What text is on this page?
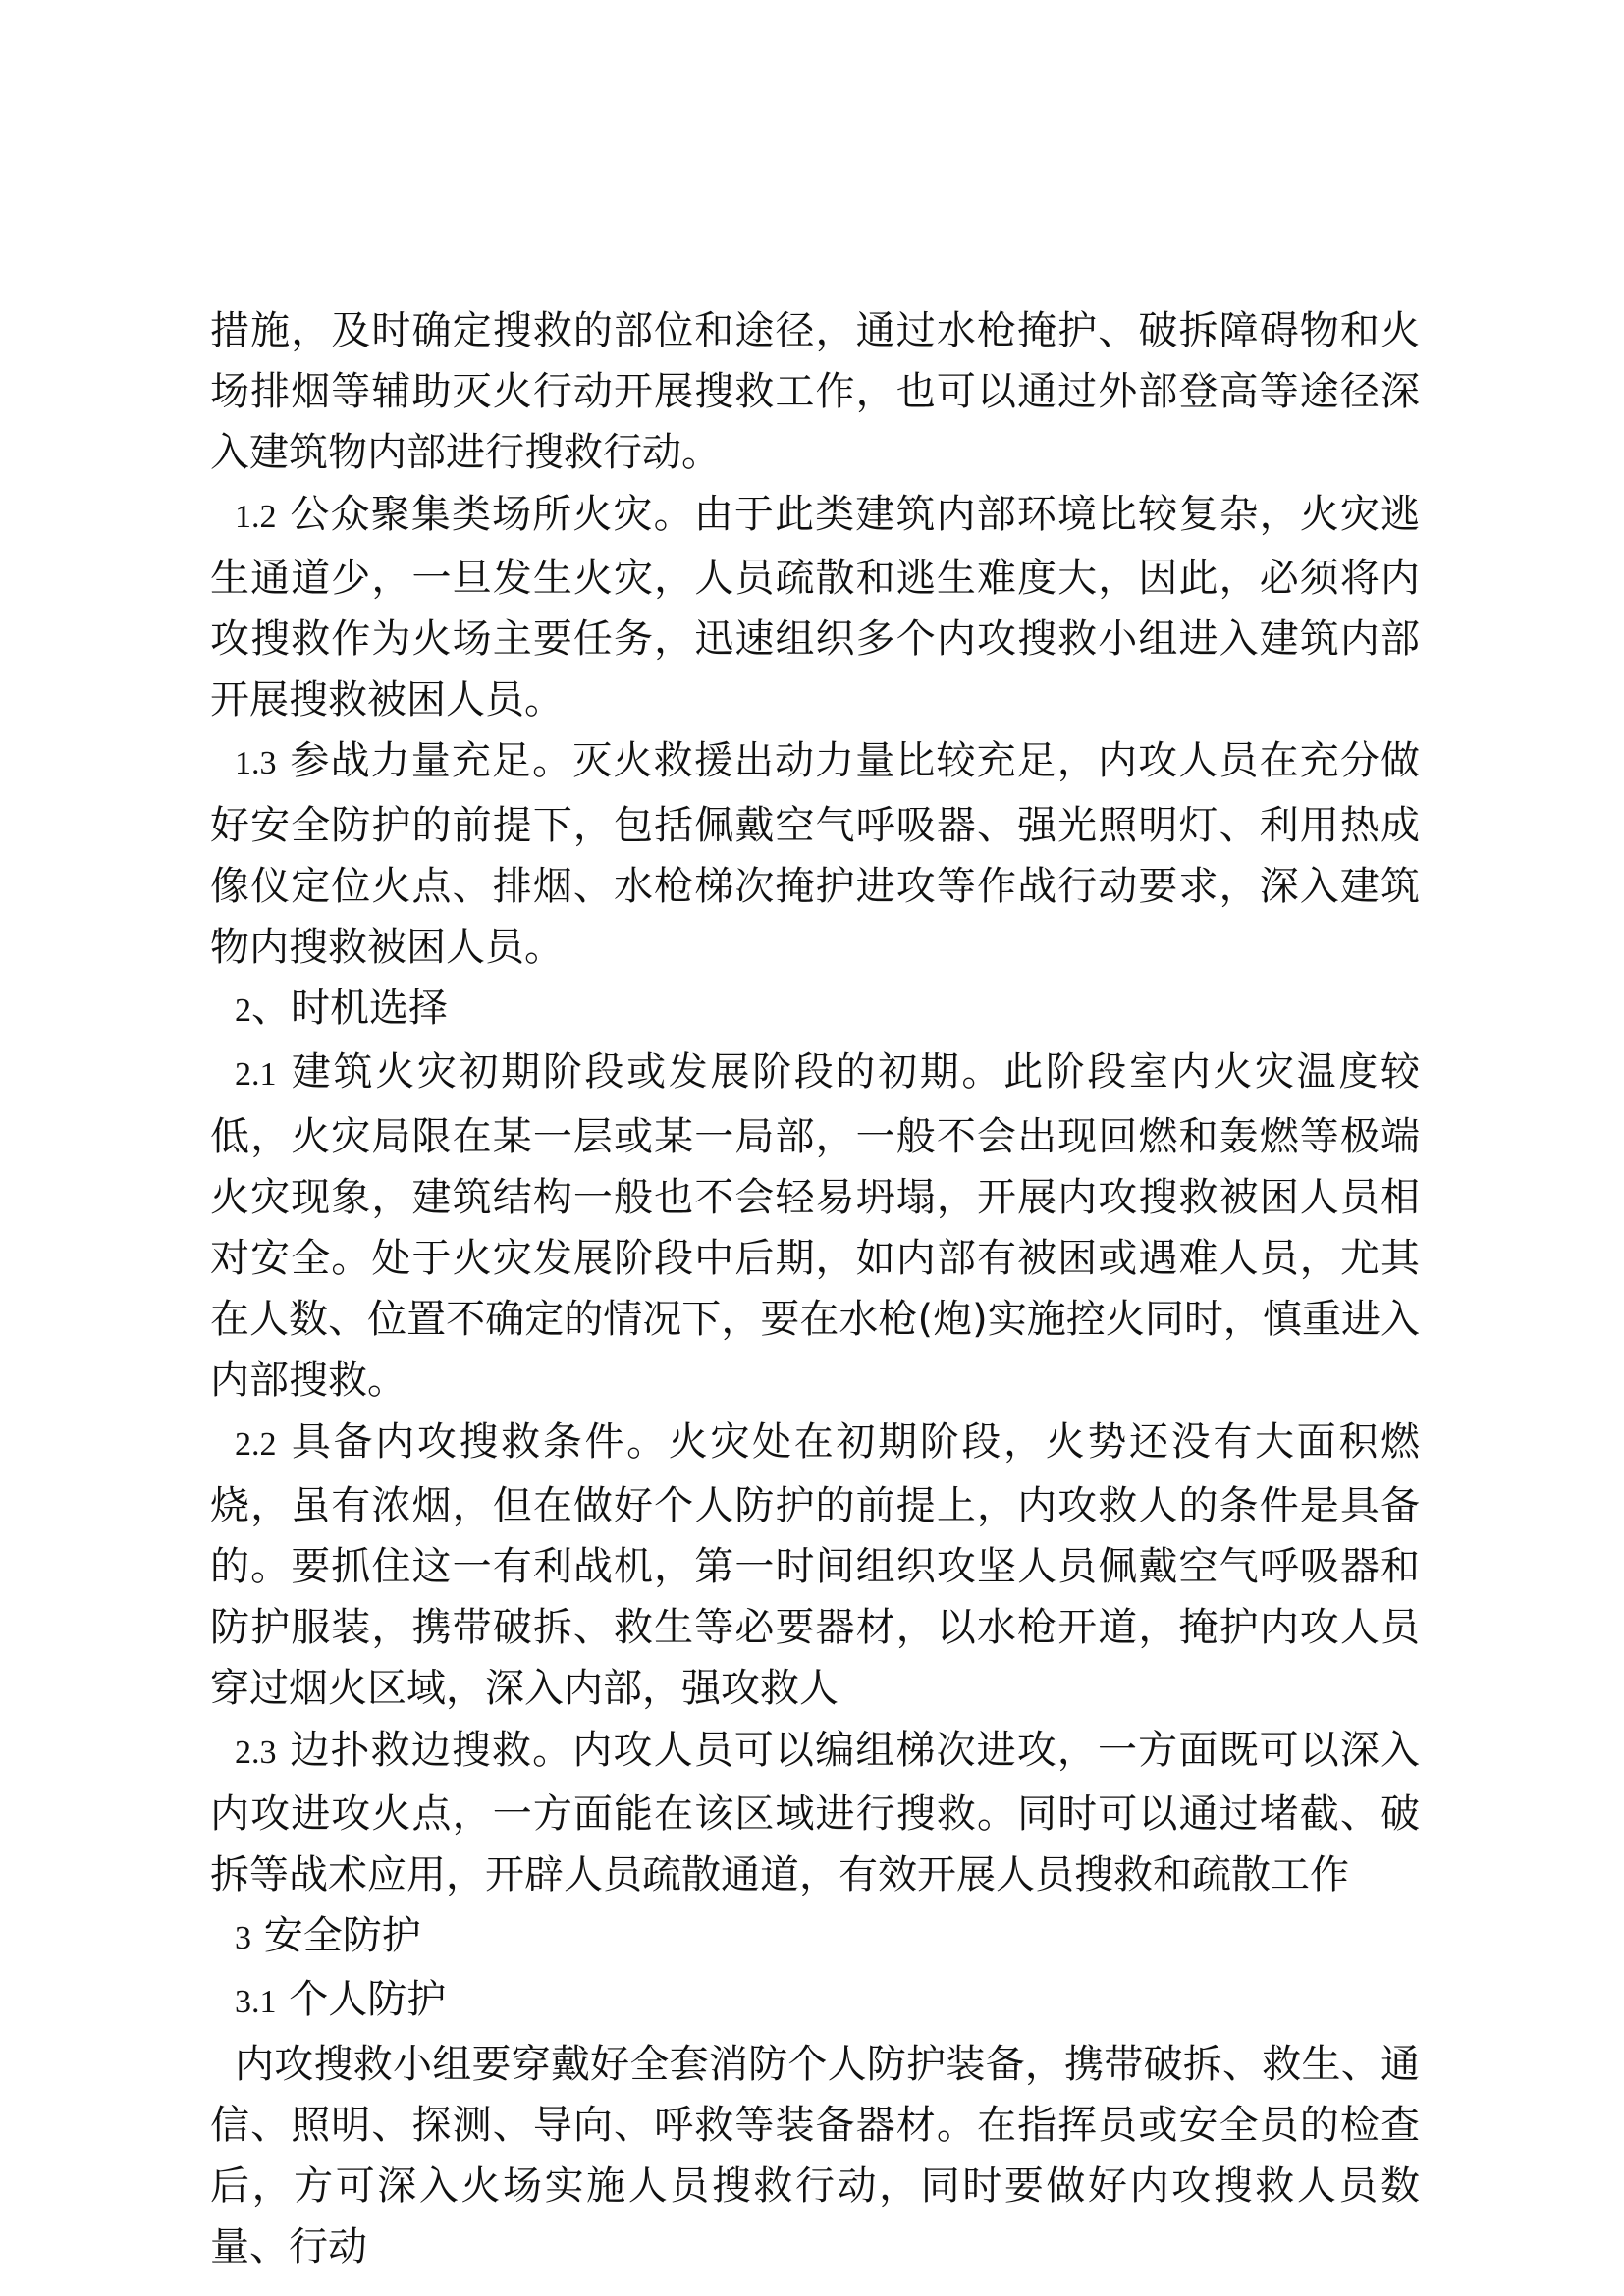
措施，及时确定搜救的部位和途径，通过水枪掩护、破拆障碍物和火场排烟等辅助灭火行动开展搜救工作，也可以通过外部登高等途径深入建筑物内部进行搜救行动。

1.2 公众聚集类场所火灾。由于此类建筑内部环境比较复杂，火灾逃生通道少，一旦发生火灾，人员疏散和逃生难度大，因此，必须将内攻搜救作为火场主要任务，迅速组织多个内攻搜救小组进入建筑内部开展搜救被困人员。

1.3 参战力量充足。灭火救援出动力量比较充足，内攻人员在充分做好安全防护的前提下，包括佩戴空气呼吸器、强光照明灯、利用热成像仪定位火点、排烟、水枪梯次掩护进攻等作战行动要求，深入建筑物内搜救被困人员。

2、时机选择

2.1 建筑火灾初期阶段或发展阶段的初期。此阶段室内火灾温度较低，火灾局限在某一层或某一局部，一般不会出现回燃和轰燃等极端火灾现象，建筑结构一般也不会轻易坍塌，开展内攻搜救被困人员相对安全。处于火灾发展阶段中后期，如内部有被困或遇难人员，尤其在人数、位置不确定的情况下，要在水枪(炮)实施控火同时，慎重进入内部搜救。

2.2 具备内攻搜救条件。火灾处在初期阶段，火势还没有大面积燃烧，虽有浓烟，但在做好个人防护的前提上，内攻救人的条件是具备的。要抓住这一有利战机，第一时间组织攻坚人员佩戴空气呼吸器和防护服装，携带破拆、救生等必要器材，以水枪开道，掩护内攻人员穿过烟火区域，深入内部，强攻救人

2.3 边扑救边搜救。内攻人员可以编组梯次进攻，一方面既可以深入内攻进攻火点，一方面能在该区域进行搜救。同时可以通过堵截、破拆等战术应用，开辟人员疏散通道，有效开展人员搜救和疏散工作

3 安全防护

3.1 个人防护

内攻搜救小组要穿戴好全套消防个人防护装备，携带破拆、救生、通信、照明、探测、导向、呼救等装备器材。在指挥员或安全员的检查后，方可深入火场实施人员搜救行动，同时要做好内攻搜救人员数量、行动
